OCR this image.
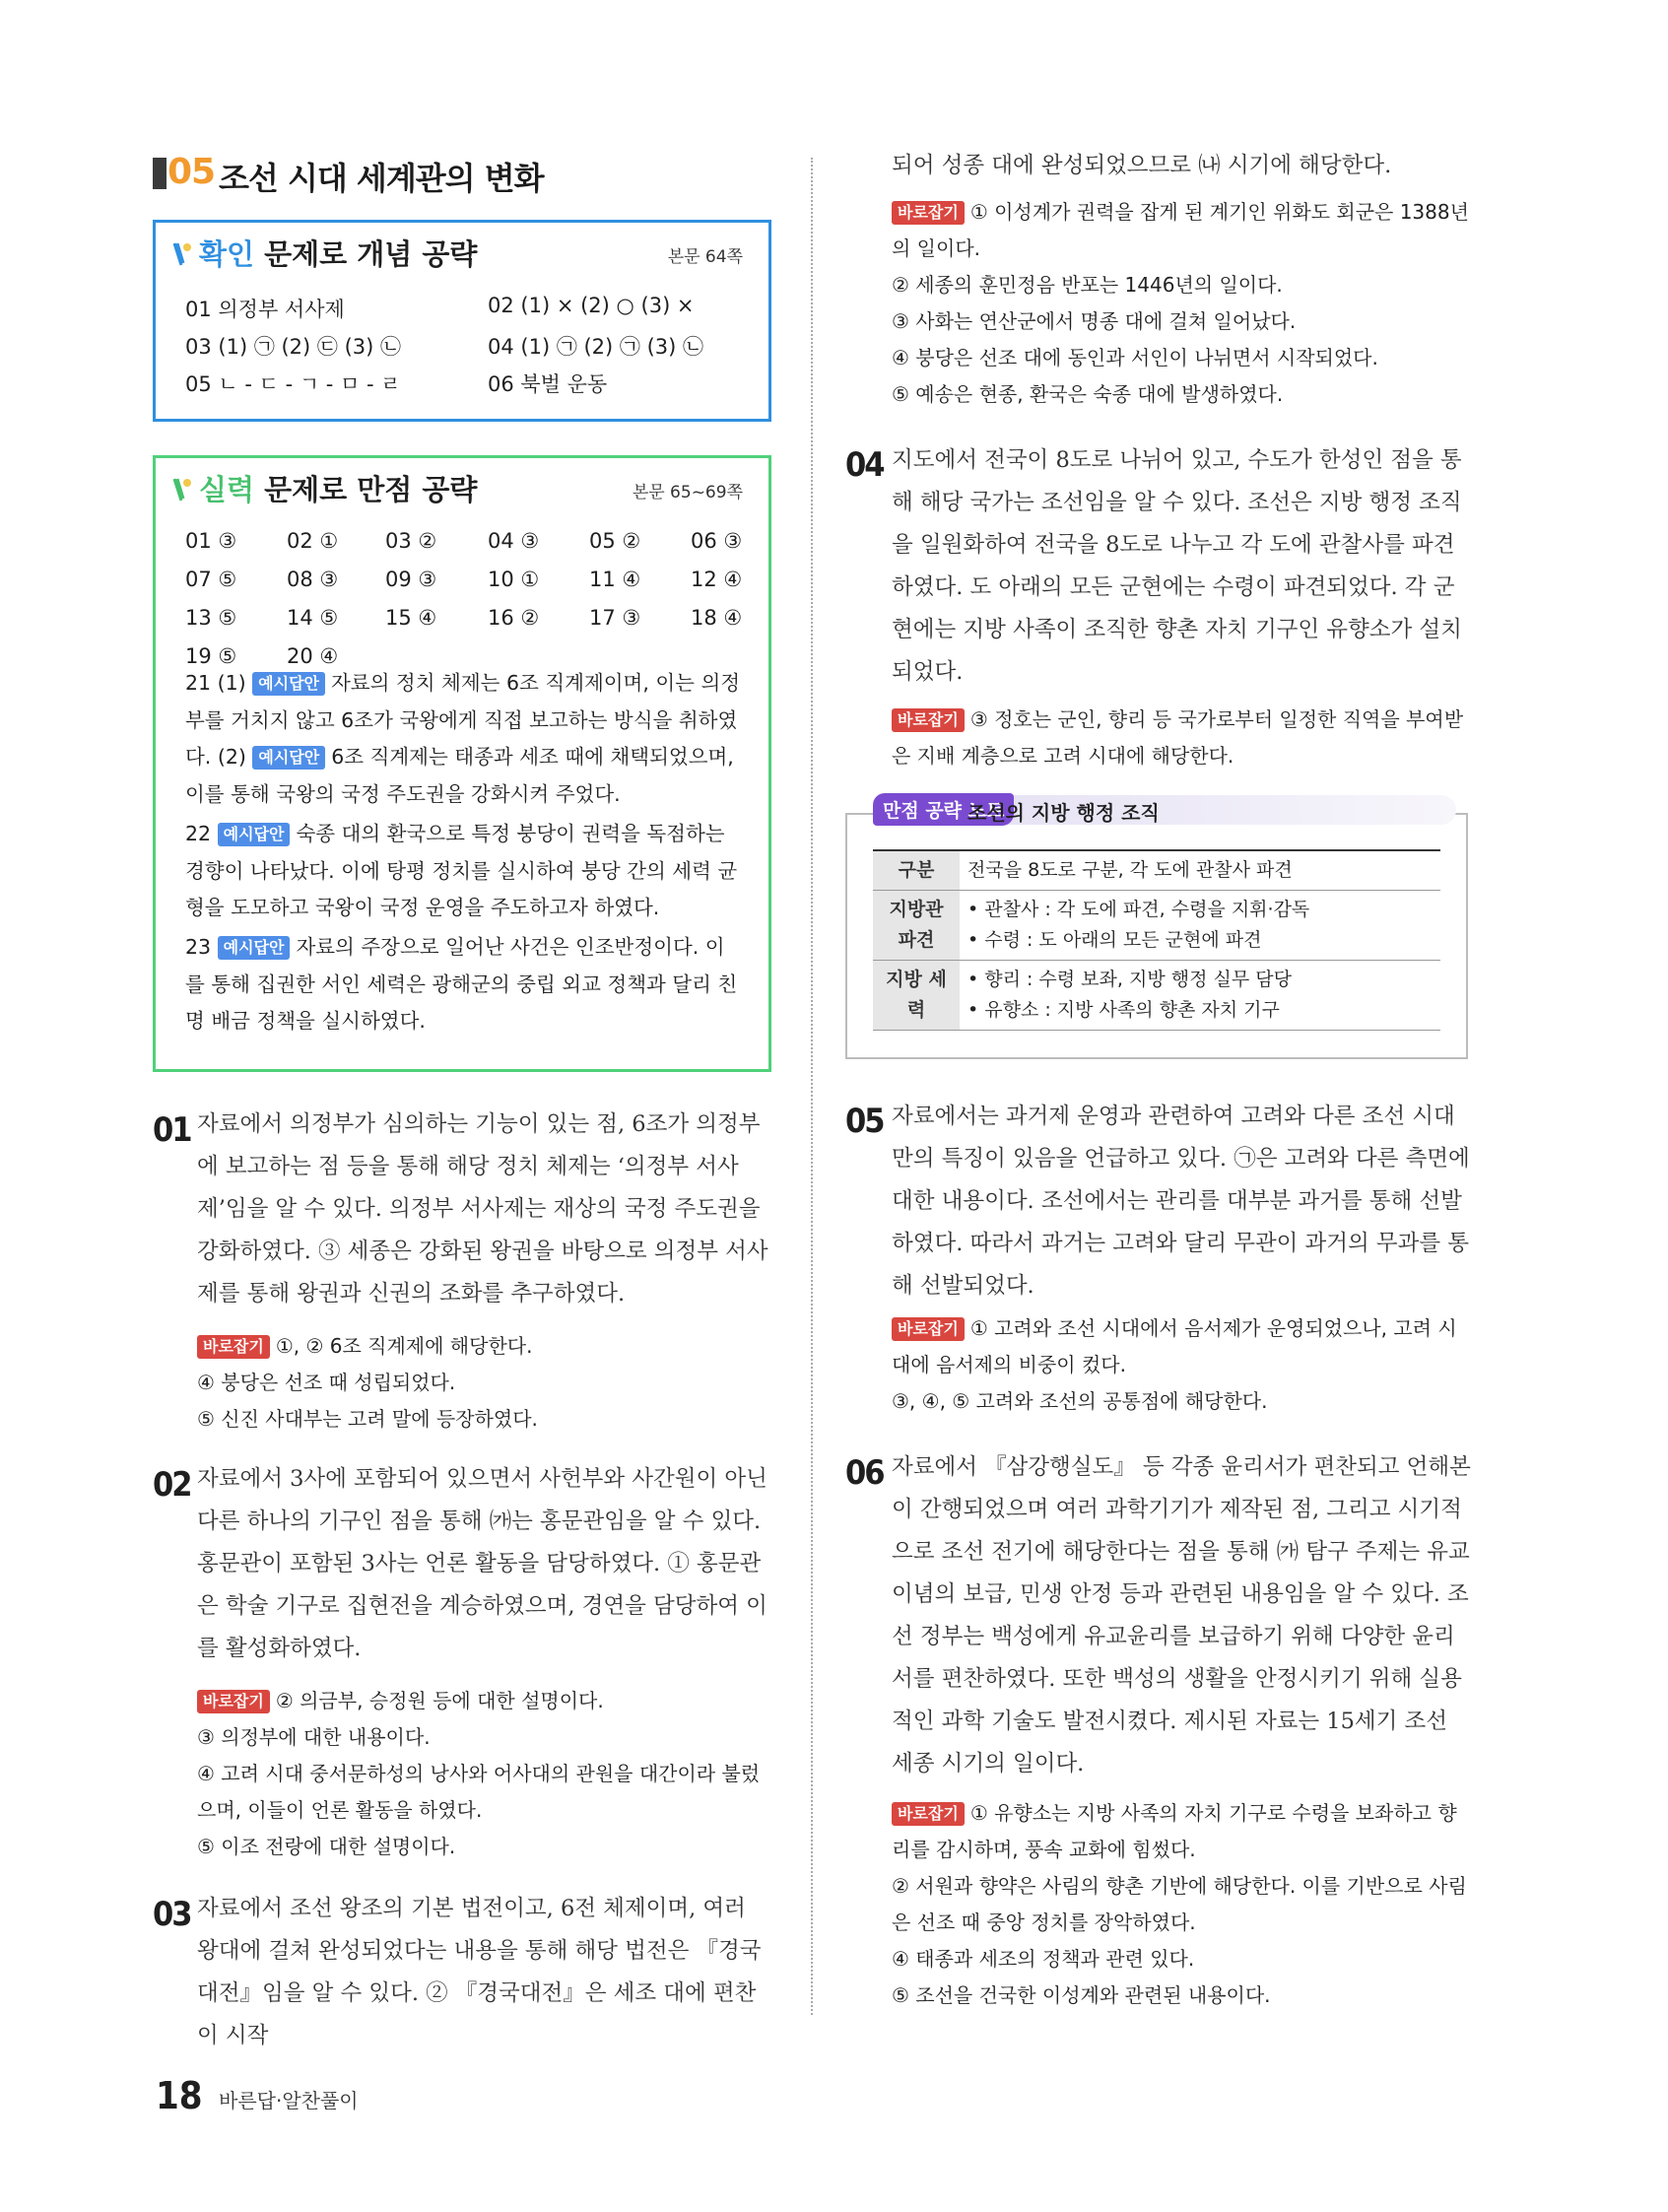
05 조선 시대 세계관의 변화
확인 문제로 개념 공략	본문 64쪽
01 의정부 서사제	02 (1) × (2) ○ (3) ×
03 (1) ㉠ (2) ㉢ (3) ㉡	04 (1) ㉠ (2) ㉠ (3) ㉡
05 ㄴ - ㄷ - ㄱ - ㅁ - ㄹ	06 북벌 운동
실력 문제로 만점 공략	본문 65~69쪽
01 ③ 02 ① 03 ② 04 ③ 05 ② 06 ③
07 ⑤ 08 ③ 09 ③ 10 ① 11 ④ 12 ④
13 ⑤ 14 ⑤ 15 ④ 16 ② 17 ③ 18 ④
19 ⑤ 20 ④
21 (1) 예시답안 자료의 정치 체제는 6조 직계제이며, 이는 의정부를 거치지 않고 6조가 국왕에게 직접 보고하는 방식을 취하였다. (2) 예시답안 6조 직계제는 태종과 세조 때에 채택되었으며, 이를 통해 국왕의 국정 주도권을 강화시켜 주었다.
22 예시답안 숙종 대의 환국으로 특정 붕당이 권력을 독점하는 경향이 나타났다. 이에 탕평 정치를 실시하여 붕당 간의 세력 균형을 도모하고 국왕이 국정 운영을 주도하고자 하였다.
23 예시답안 자료의 주장으로 일어난 사건은 인조반정이다. 이를 통해 집권한 서인 세력은 광해군의 중립 외교 정책과 달리 친명 배금 정책을 실시하였다.
01 자료에서 의정부가 심의하는 기능이 있는 점, 6조가 의정부에 보고하는 점 등을 통해 해당 정치 체제는 ‘의정부 서사제’임을 알 수 있다. 의정부 서사제는 재상의 국정 주도권을 강화하였다. ③ 세종은 강화된 왕권을 바탕으로 의정부 서사제를 통해 왕권과 신권의 조화를 추구하였다.
바로잡기 ①, ② 6조 직계제에 해당한다.
④ 붕당은 선조 때 성립되었다.
⑤ 신진 사대부는 고려 말에 등장하였다.
02 자료에서 3사에 포함되어 있으면서 사헌부와 사간원이 아닌 다른 하나의 기구인 점을 통해 ㈎는 홍문관임을 알 수 있다. 홍문관이 포함된 3사는 언론 활동을 담당하였다. ① 홍문관은 학술 기구로 집현전을 계승하였으며, 경연을 담당하여 이를 활성화하였다.
바로잡기 ② 의금부, 승정원 등에 대한 설명이다.
③ 의정부에 대한 내용이다.
④ 고려 시대 중서문하성의 낭사와 어사대의 관원을 대간이라 불렀으며, 이들이 언론 활동을 하였다.
⑤ 이조 전랑에 대한 설명이다.
03 자료에서 조선 왕조의 기본 법전이고, 6전 체제이며, 여러 왕대에 걸쳐 완성되었다는 내용을 통해 해당 법전은 『경국대전』임을 알 수 있다. ② 『경국대전』은 세조 대에 편찬이 시작
되어 성종 대에 완성되었으므로 ㈏ 시기에 해당한다.
바로잡기 ① 이성계가 권력을 잡게 된 계기인 위화도 회군은 1388년의 일이다.
② 세종의 훈민정음 반포는 1446년의 일이다.
③ 사화는 연산군에서 명종 대에 걸쳐 일어났다.
④ 붕당은 선조 대에 동인과 서인이 나뉘면서 시작되었다.
⑤ 예송은 현종, 환국은 숙종 대에 발생하였다.
04 지도에서 전국이 8도로 나뉘어 있고, 수도가 한성인 점을 통해 해당 국가는 조선임을 알 수 있다. 조선은 지방 행정 조직을 일원화하여 전국을 8도로 나누고 각 도에 관찰사를 파견하였다. 도 아래의 모든 군현에는 수령이 파견되었다. 각 군현에는 지방 사족이 조직한 향촌 자치 기구인 유향소가 설치되었다.
바로잡기 ③ 정호는 군인, 향리 등 국가로부터 일정한 직역을 부여받은 지배 계층으로 고려 시대에 해당한다.
만점 공략 노트
조선의 지방 행정 조직
구분	전국을 8도로 구분, 각 도에 관찰사 파견
지방관 파견	• 관찰사 : 각 도에 파견, 수령을 지휘·감독
• 수령 : 도 아래의 모든 군현에 파견
지방 세력	• 향리 : 수령 보좌, 지방 행정 실무 담당
• 유향소 : 지방 사족의 향촌 자치 기구
05 자료에서는 과거제 운영과 관련하여 고려와 다른 조선 시대만의 특징이 있음을 언급하고 있다. ㉠은 고려와 다른 측면에 대한 내용이다. 조선에서는 관리를 대부분 과거를 통해 선발하였다. 따라서 과거는 고려와 달리 무관이 과거의 무과를 통해 선발되었다.
바로잡기 ① 고려와 조선 시대에서 음서제가 운영되었으나, 고려 시대에 음서제의 비중이 컸다.
③, ④, ⑤ 고려와 조선의 공통점에 해당한다.
06 자료에서 『삼강행실도』 등 각종 윤리서가 편찬되고 언해본이 간행되었으며 여러 과학기기가 제작된 점, 그리고 시기적으로 조선 전기에 해당한다는 점을 통해 ㈎ 탐구 주제는 유교 이념의 보급, 민생 안정 등과 관련된 내용임을 알 수 있다. 조선 정부는 백성에게 유교윤리를 보급하기 위해 다양한 윤리서를 편찬하였다. 또한 백성의 생활을 안정시키기 위해 실용적인 과학 기술도 발전시켰다. 제시된 자료는 15세기 조선 세종 시기의 일이다.
바로잡기 ① 유향소는 지방 사족의 자치 기구로 수령을 보좌하고 향리를 감시하며, 풍속 교화에 힘썼다.
② 서원과 향약은 사림의 향촌 기반에 해당한다. 이를 기반으로 사림은 선조 때 중앙 정치를 장악하였다.
④ 태종과 세조의 정책과 관련 있다.
⑤ 조선을 건국한 이성계와 관련된 내용이다.
18 바른답·알찬풀이
